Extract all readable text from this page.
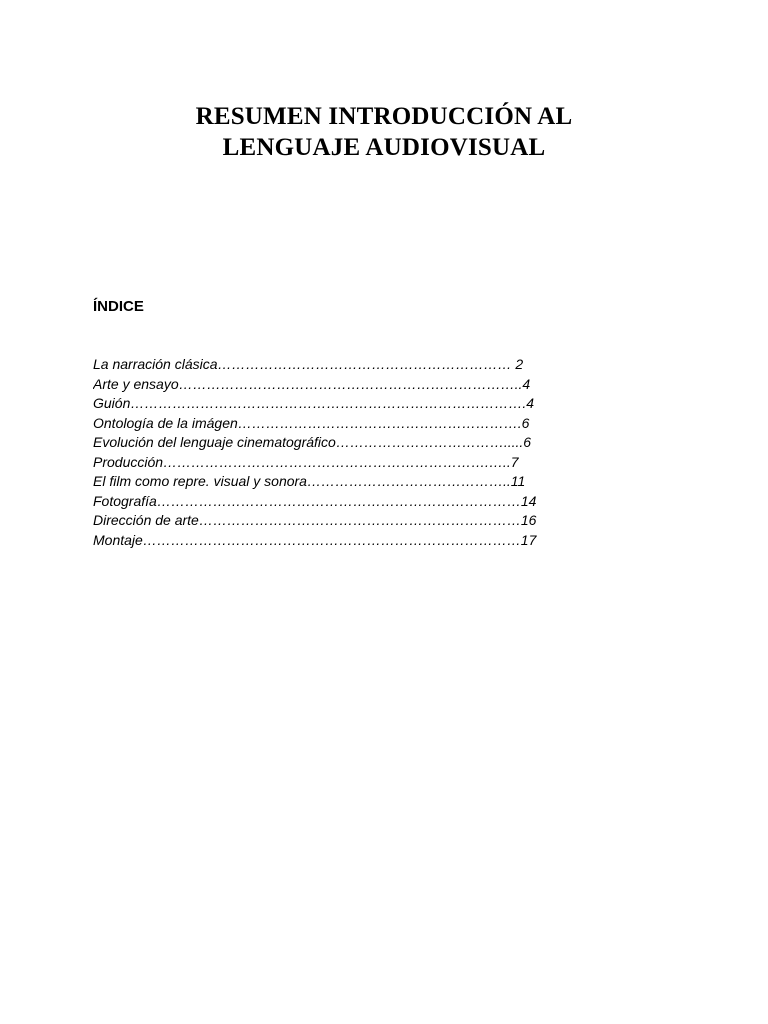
RESUMEN INTRODUCCIÓN AL
LENGUAJE AUDIOVISUAL
ÍNDICE
La narración clásica……………………………………………………… 2
Arte y ensayo………………………………………………………………..4
Guión………………………………………………………………………….4
Ontología de la imágen…………………………………………………….6
Evolución del lenguaje cinematográfico……………………………….....6
Producción…………………………………………………………….…..7
El film como repre. visual y sonora……………………………………..11
Fotografía……………………………………………………………………14
Dirección de arte……………………………………………………………16
Montaje………………………………………………………………………17
